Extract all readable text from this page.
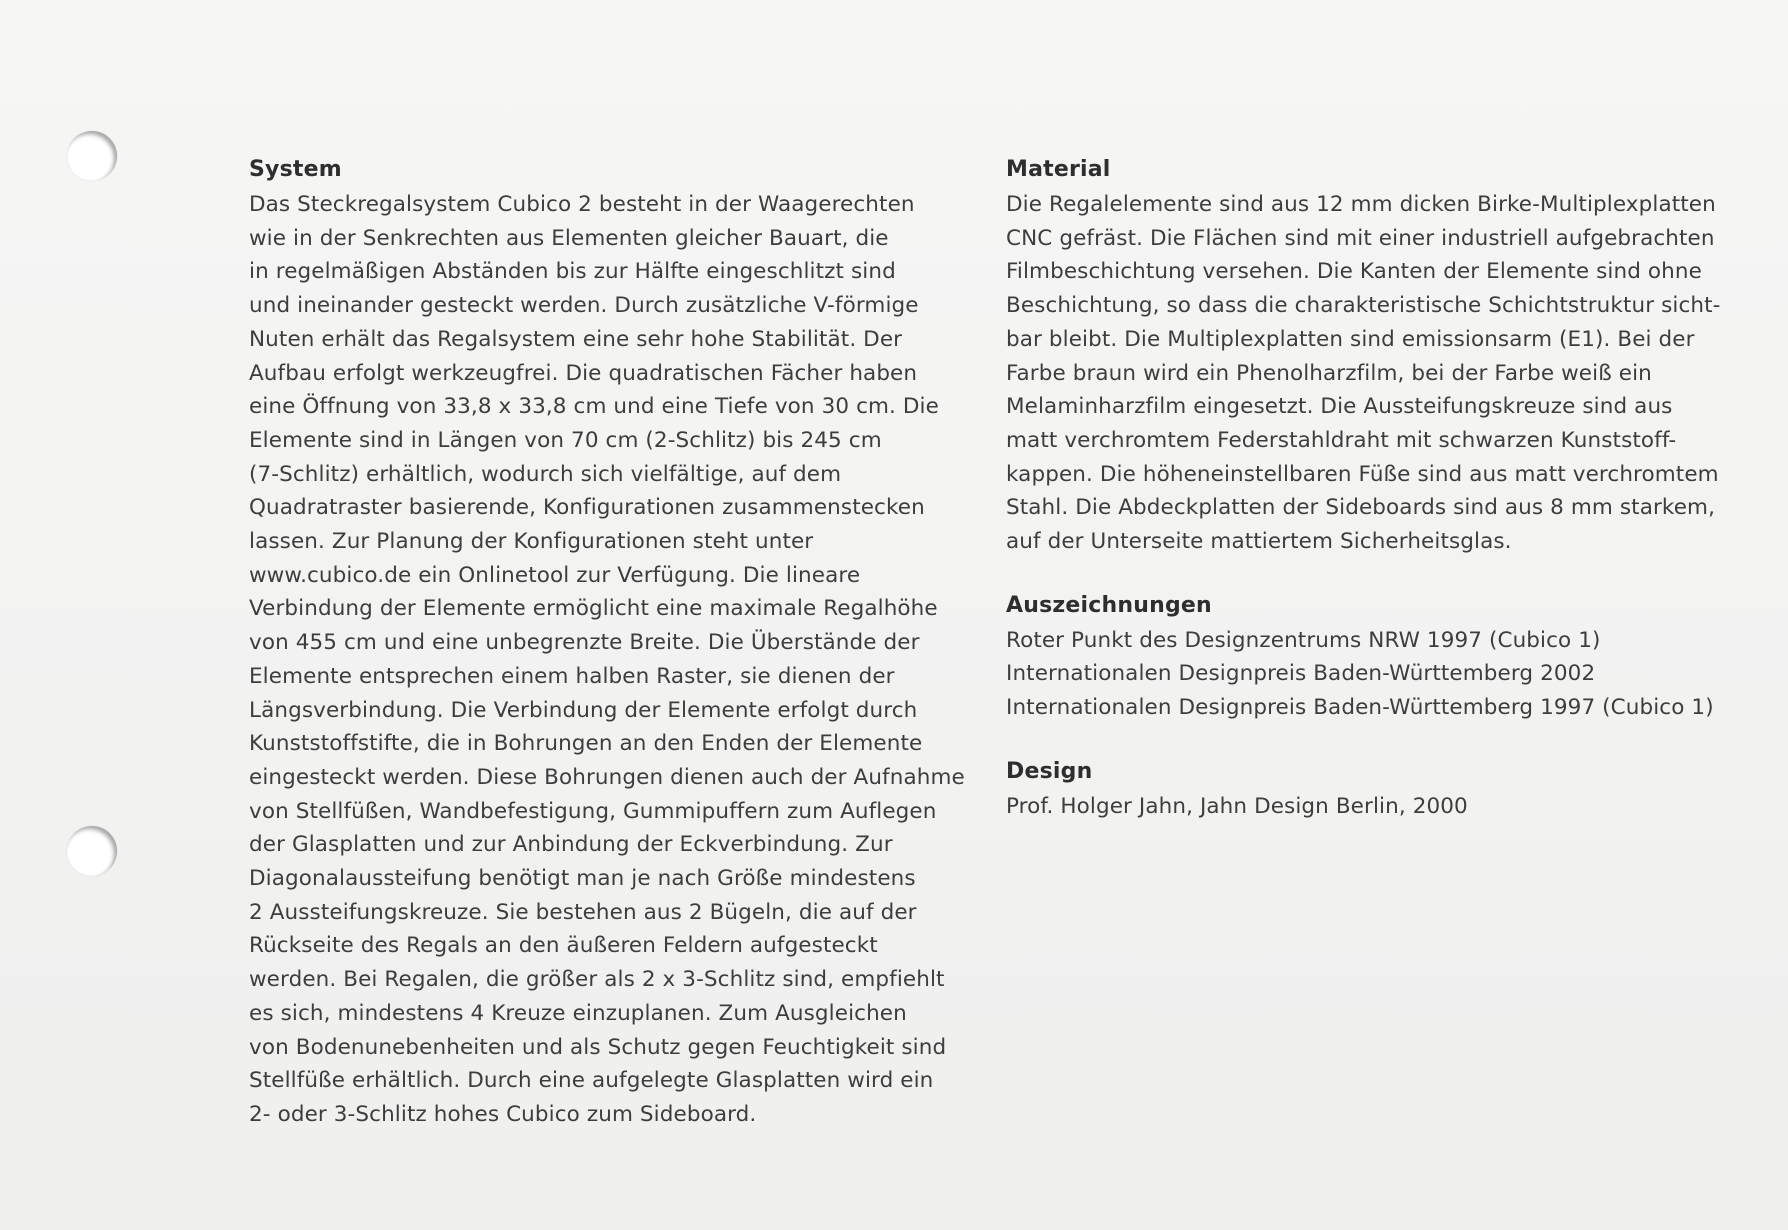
System

Das Steckregalsystem Cubico 2 besteht in der Waagerechten
wie in der Senkrechten aus Elementen gleicher Bauart, die
in regelmäßigen Abständen bis zur Hälfte eingeschlitzt sind
und ineinander gesteckt werden. Durch zusätzliche V-förmige
Nuten erhält das Regalsystem eine sehr hohe Stabilität. Der
Aufbau erfolgt werkzeugfrei. Die quadratischen Fächer haben
eine Öffnung von 33,8 x 33,8 cm und eine Tiefe von 30 cm. Die
Elemente sind in Längen von 70 cm (2-Schlitz) bis 245 cm
(7-Schlitz) erhältlich, wodurch sich vielfältige, auf dem
Quadratraster basierende, Konfigurationen zusammenstecken
lassen. Zur Planung der Konfigurationen steht unter
www.cubico.de ein Onlinetool zur Verfügung. Die lineare
Verbindung der Elemente ermöglicht eine maximale Regalhöhe
von 455 cm und eine unbegrenzte Breite. Die Überstände der
Elemente entsprechen einem halben Raster, sie dienen der
Längsverbindung. Die Verbindung der Elemente erfolgt durch
Kunststoffstifte, die in Bohrungen an den Enden der Elemente
eingesteckt werden. Diese Bohrungen dienen auch der Aufnahme
von Stellfüßen, Wandbefestigung, Gummipuffern zum Auflegen
der Glasplatten und zur Anbindung der Eckverbindung. Zur
Diagonalaussteifung benötigt man je nach Größe mindestens
2 Aussteifungskreuze. Sie bestehen aus 2 Bügeln, die auf der
Rückseite des Regals an den äußeren Feldern aufgesteckt
werden. Bei Regalen, die größer als 2 x 3-Schlitz sind, empfiehlt
es sich, mindestens 4 Kreuze einzuplanen. Zum Ausgleichen
von Bodenunebenheiten und als Schutz gegen Feuchtigkeit sind
Stellfüße erhältlich. Durch eine aufgelegte Glasplatten wird ein
2- oder 3-Schlitz hohes Cubico zum Sideboard.

Material

Die Regalelemente sind aus 12 mm dicken Birke-Multiplexplatten
CNC gefräst. Die Flächen sind mit einer industriell aufgebrachten
Filmbeschichtung versehen. Die Kanten der Elemente sind ohne
Beschichtung, so dass die charakteristische Schichtstruktur sicht-
bar bleibt. Die Multiplexplatten sind emissionsarm (E1). Bei der
Farbe braun wird ein Phenolharzfilm, bei der Farbe weiß ein
Melaminharzfilm eingesetzt. Die Aussteifungskreuze sind aus
matt verchromtem Federstahldraht mit schwarzen Kunststoff-
kappen. Die höheneinstellbaren Füße sind aus matt verchromtem
Stahl. Die Abdeckplatten der Sideboards sind aus 8 mm starkem,
auf der Unterseite mattiertem Sicherheitsglas.

Auszeichnungen
Roter Punkt des Designzentrums NRW 1997 (Cubico 1)
Internationalen Designpreis Baden-Württemberg 2002
Internationalen Designpreis Baden-Württemberg 1997 (Cubico 1)
Design

Prof. Holger Jahn, Jahn Design Berlin, 2000
